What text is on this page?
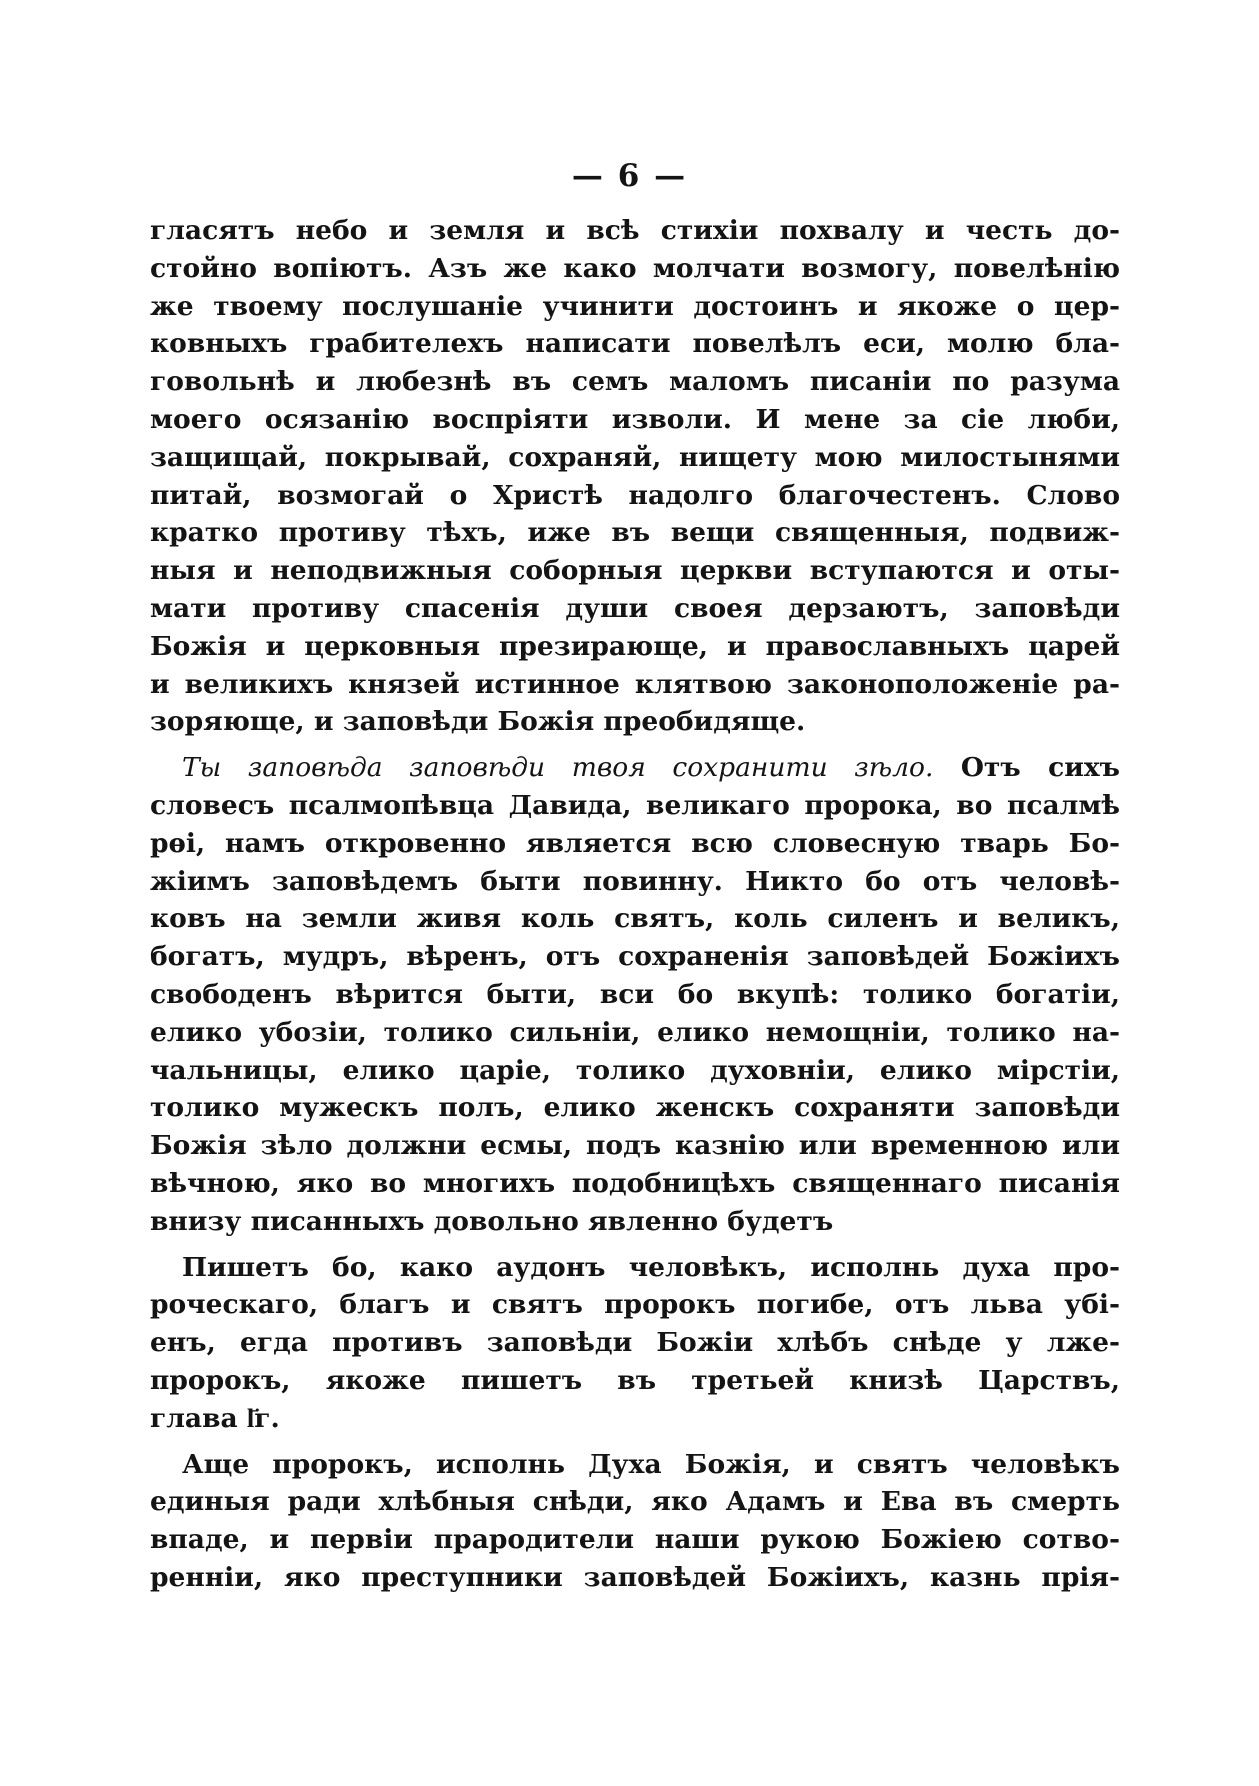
— 6 —
гласятъ небо и земля и всѣ стихіи похвалу и честь до-
стойно вопіютъ. Азъ же како молчати возмогу, повелѣнію
же твоему послушаніе учинити достоинъ и якоже о цер-
ковныхъ грабителехъ написати повелѣлъ еси, молю бла-
говольнѣ и любезнѣ въ семъ маломъ писаніи по разума
моего осязанію воспріяти изволи. И мене за сіе люби,
защищай, покрывай, сохраняй, нищету мою милостынями
питай, возмогай о Христѣ надолго благочестенъ. Слово
кратко противу тѣхъ, иже въ вещи священныя, подвиж-
ныя и неподвижныя соборныя церкви вступаются и оты-
мати противу спасенія души своея дерзаютъ, заповѣди
Божія и церковныя презирающе, и православныхъ царей
и великихъ князей истинное клятвою законоположеніе ра-
зоряюще, и заповѣди Божія преобидяще.
Ты заповѣда заповѣди твоя сохранити зѣло. Отъ сихъ
словесъ псалмопѣвца Давида, великаго пророка, во псалмѣ
рѳі, намъ откровенно является всю словесную тварь Бо-
жіимъ заповѣдемъ быти повинну. Никто бо отъ человѣ-
ковъ на земли живя коль святъ, коль силенъ и великъ,
богатъ, мудръ, вѣренъ, отъ сохраненія заповѣдей Божіихъ
свободенъ вѣрится быти, вси бо вкупѣ: толико богатіи,
елико убозіи, толико сильніи, елико немощніи, толико на-
чальницы, елико царіе, толико духовніи, елико мірстіи,
толико мужескъ полъ, елико женскъ сохраняти заповѣди
Божія зѣло должни есмы, подъ казнію или временною или
вѣчною, яко во многихъ подобницѣхъ священнаго писанія
внизу писанныхъ довольно явленно будетъ
Пишетъ бо, како аудонъ человѣкъ, исполнь духа про-
роческаго, благъ и святъ пророкъ погибе, отъ льва убі-
енъ, егда противъ заповѣди Божіи хлѣбъ снѣде у лже-
пророкъ, якоже пишетъ въ третьей книзѣ Царствъ,
глава ӏ҃г.
Аще пророкъ, исполнь Духа Божія, и святъ человѣкъ
единыя ради хлѣбныя снѣди, яко Адамъ и Ева въ смерть
впаде, и первіи прародители наши рукою Божіею сотво-
ренніи, яко преступники заповѣдей Божіихъ, казнь прія-
